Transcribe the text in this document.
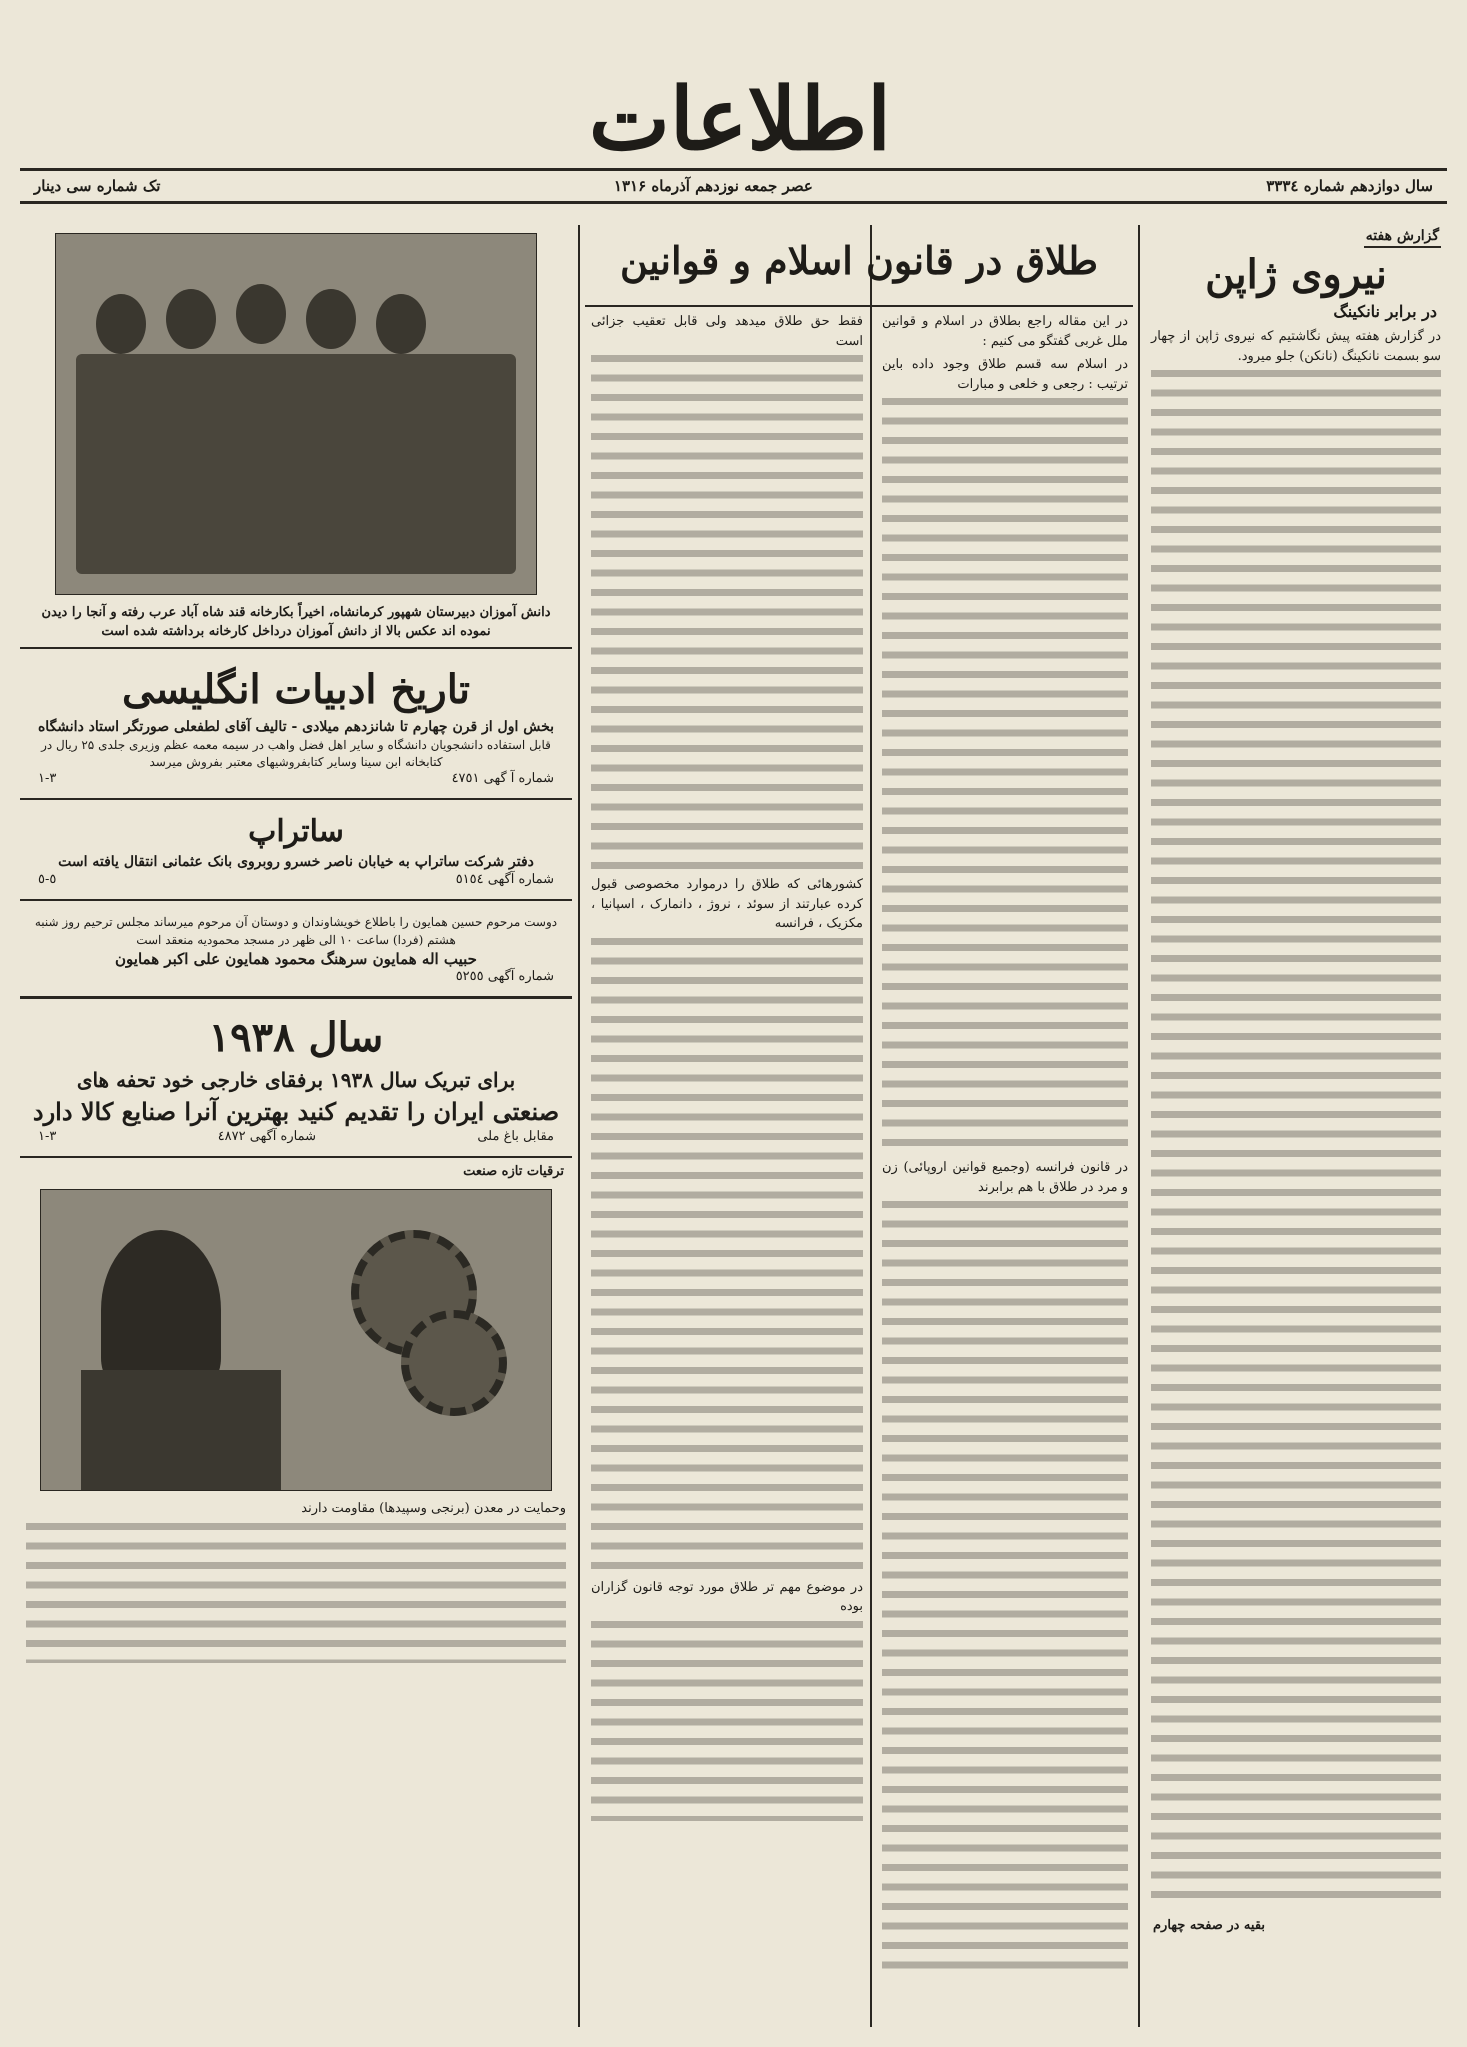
اطلاعات
سال دوازدهم شماره ۳۳۳٤
عصر جمعه نوزدهم آذرماه ۱۳۱۶
تک شماره سی دینار
گزارش هفته
نیروی ژاپن
در برابر نانکینگ

در گزارش هفته پیش نگاشتیم که نیروی ژاپن از چهار سو بسمت نانکینگ (نانکن) جلو میرود.

بقیه در صفحه چهارم
طلاق در قانون اسلام و قوانین

در این مقاله راجع بطلاق در اسلام و قوانین ملل غربی گفتگو می کنیم :

در اسلام سه قسم طلاق وجود داده باین ترتیب : رجعی و خلعی و مبارات

در قانون فرانسه (وجمیع قوانین اروپائی) زن و مرد در طلاق با هم برابرند

فقط حق طلاق میدهد ولی قابل تعقیب جزائی است

کشورهائی که طلاق را درموارد مخصوصی قبول کرده عبارتند از سوئد ، نروژ ، دانمارک ، اسپانیا ، مکزیک ، فرانسه

در موضوع مهم تر طلاق مورد توجه قانون گزاران بوده

دانش آموزان دبیرستان شهپور کرمانشاه، اخیراً بکارخانه قند شاه آباد عرب رفته و آنجا را دیدن نموده اند عکس بالا از دانش آموزان درداخل کارخانه برداشته شده است
تاریخ ادبیات انگلیسی
بخش اول از قرن چهارم تا شانزدهم میلادی - تالیف آقای لطفعلی صورتگر استاد دانشگاه
قابل استفاده دانشجویان دانشگاه و سایر اهل فضل واهب در سیمه معمه عظم وزیری جلدی ۲۵ ریال در کتابخانه ابن سینا وسایر کتابفروشیهای معتبر بفروش میرسد
شماره آ گهی ٤٧٥١
۱-۳
ساتراپ
دفتر شرکت ساتراپ به خیابان ناصر خسرو روبروی بانک عثمانی انتقال یافته است
شماره آگهی ٥١٥٤
٥-٥
دوست مرحوم حسین همایون را باطلاع خویشاوندان و دوستان آن مرحوم میرساند مجلس ترحیم روز شنبه هشتم (فردا) ساعت ۱۰ الی ظهر در مسجد محمودیه منعقد است
حبیب اله همایون سرهنگ محمود همایون علی اکبر همایون
شماره آگهی ٥٢٥٥
سال ۱۹۳۸
برای تبریک سال ۱۹۳۸ برفقای خارجی خود تحفه های
صنعتی ایران را تقدیم کنید بهترین آنرا صنایع کالا دارد
مقابل باغ ملی
شماره آگهی ٤٨٧٢
۱-۳
ترقیات تازه صنعت

وحمایت در معدن (برنجی وسپیدها) مقاومت دارند
